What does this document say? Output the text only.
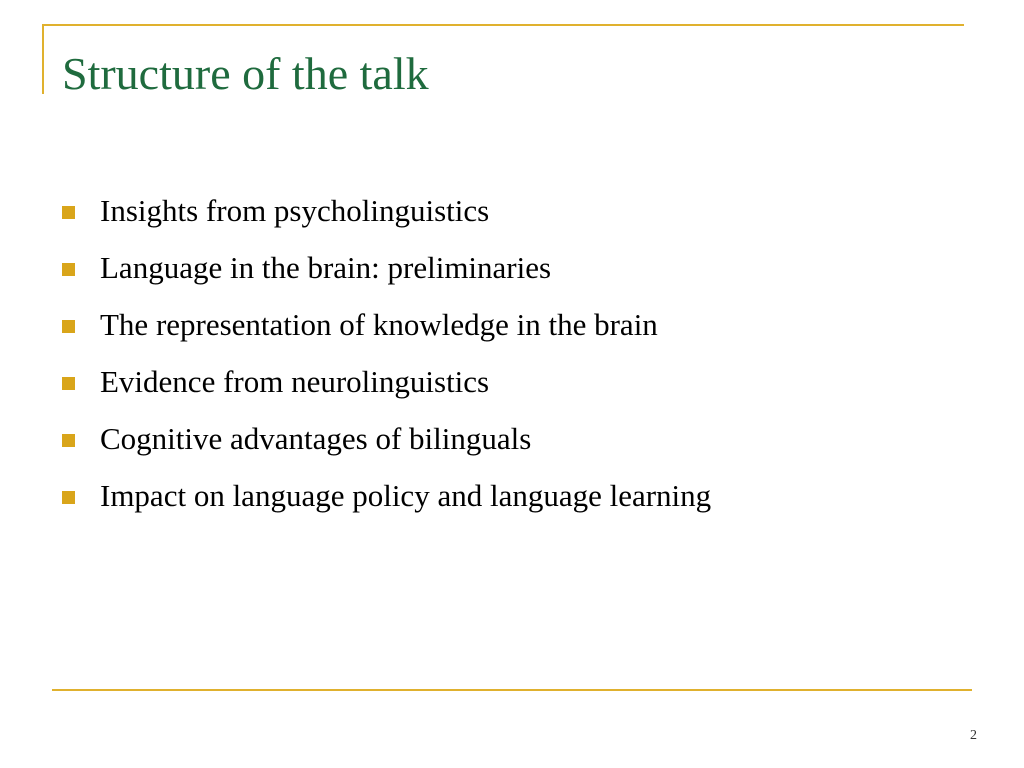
Structure of the talk
Insights from psycholinguistics
Language in the brain: preliminaries
The representation of knowledge in the brain
Evidence from neurolinguistics
Cognitive advantages of bilinguals
Impact on language policy and language learning
2
